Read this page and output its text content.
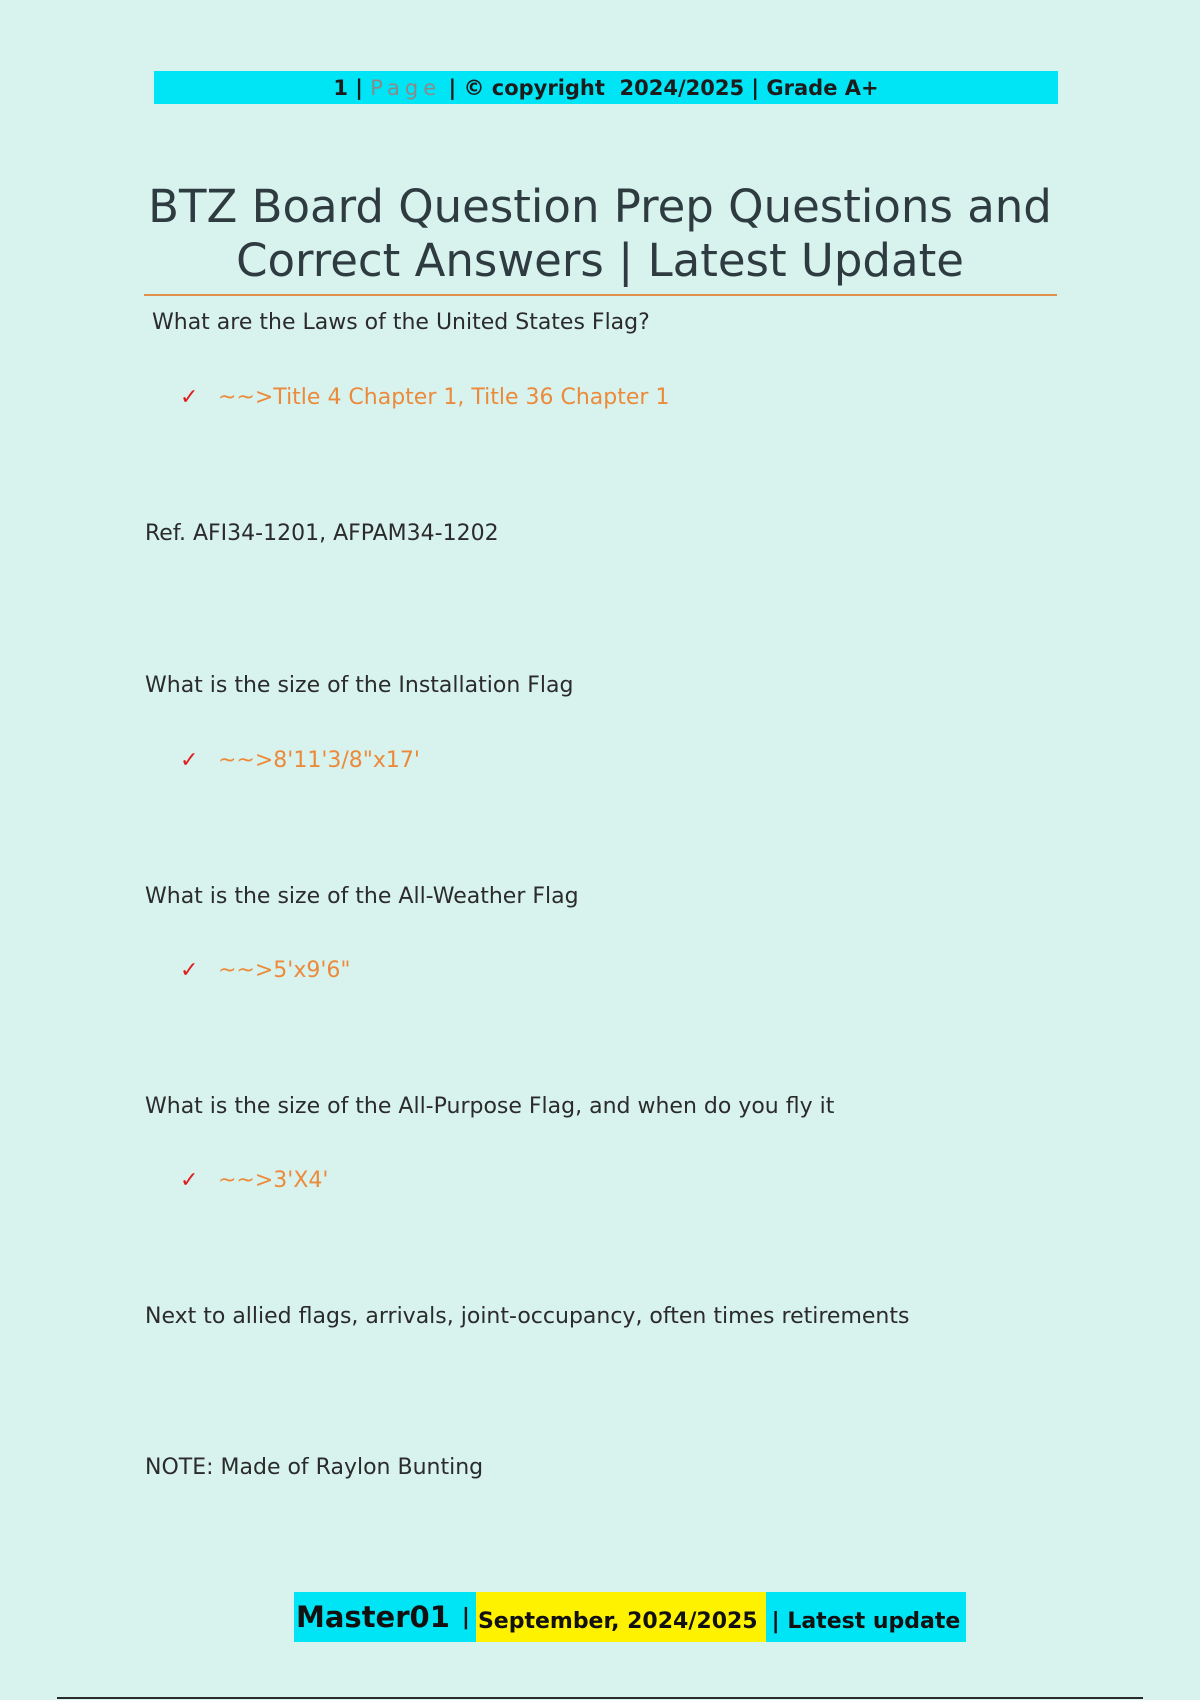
1 | Page | © copyright  2024/2025 | Grade A+
BTZ Board Question Prep Questions and
Correct Answers | Latest Update
What are the Laws of the United States Flag?
✓ ~~>Title 4 Chapter 1, Title 36 Chapter 1
Ref. AFI34-1201, AFPAM34-1202
What is the size of the Installation Flag
✓ ~~>8'11'3/8"x17'
What is the size of the All-Weather Flag
✓ ~~>5'x9'6"
What is the size of the All-Purpose Flag, and when do you fly it
✓ ~~>3'X4'
Next to allied flags, arrivals, joint-occupancy, often times retirements
NOTE: Made of Raylon Bunting
Master01 | September, 2024/2025 | Latest update
